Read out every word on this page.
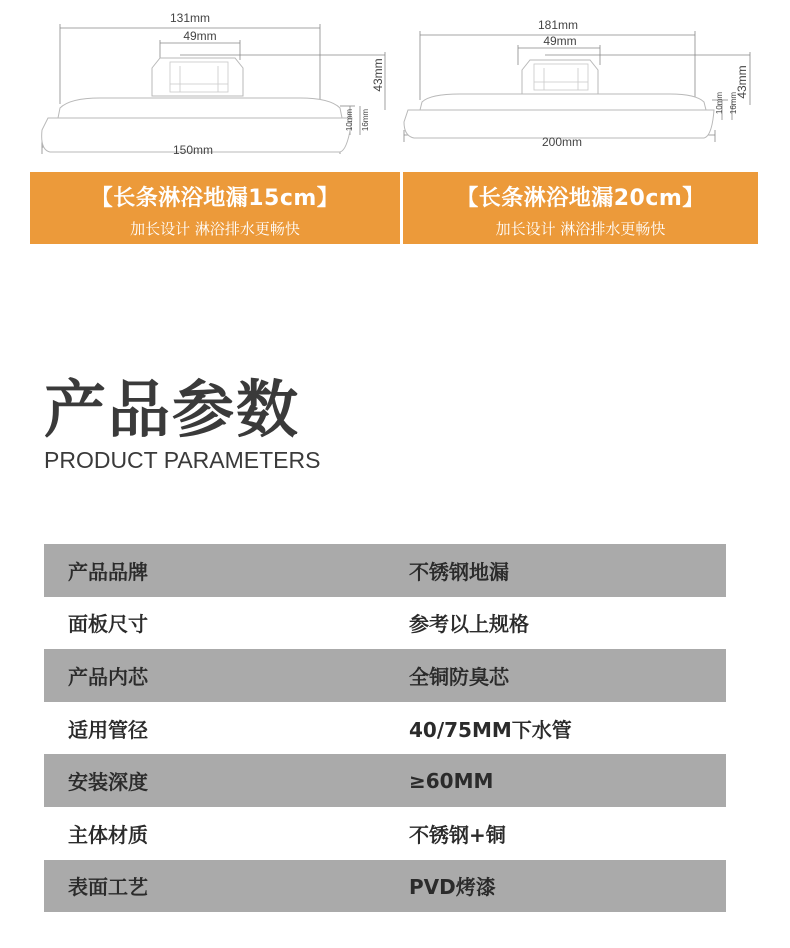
131mm
49mm
43mm
10mm 16mm
150mm
181mm
49mm
43mm
10mm 16mm
200mm
【长条淋浴地漏15cm】
加长设计 淋浴排水更畅快
【长条淋浴地漏20cm】
加长设计 淋浴排水更畅快
产品参数
PRODUCT PARAMETERS
产品品牌	不锈钢地漏
面板尺寸	参考以上规格
产品内芯	全铜防臭芯
适用管径	40/75MM下水管
安装深度	≥60MM
主体材质	不锈钢+铜
表面工艺	PVD烤漆
